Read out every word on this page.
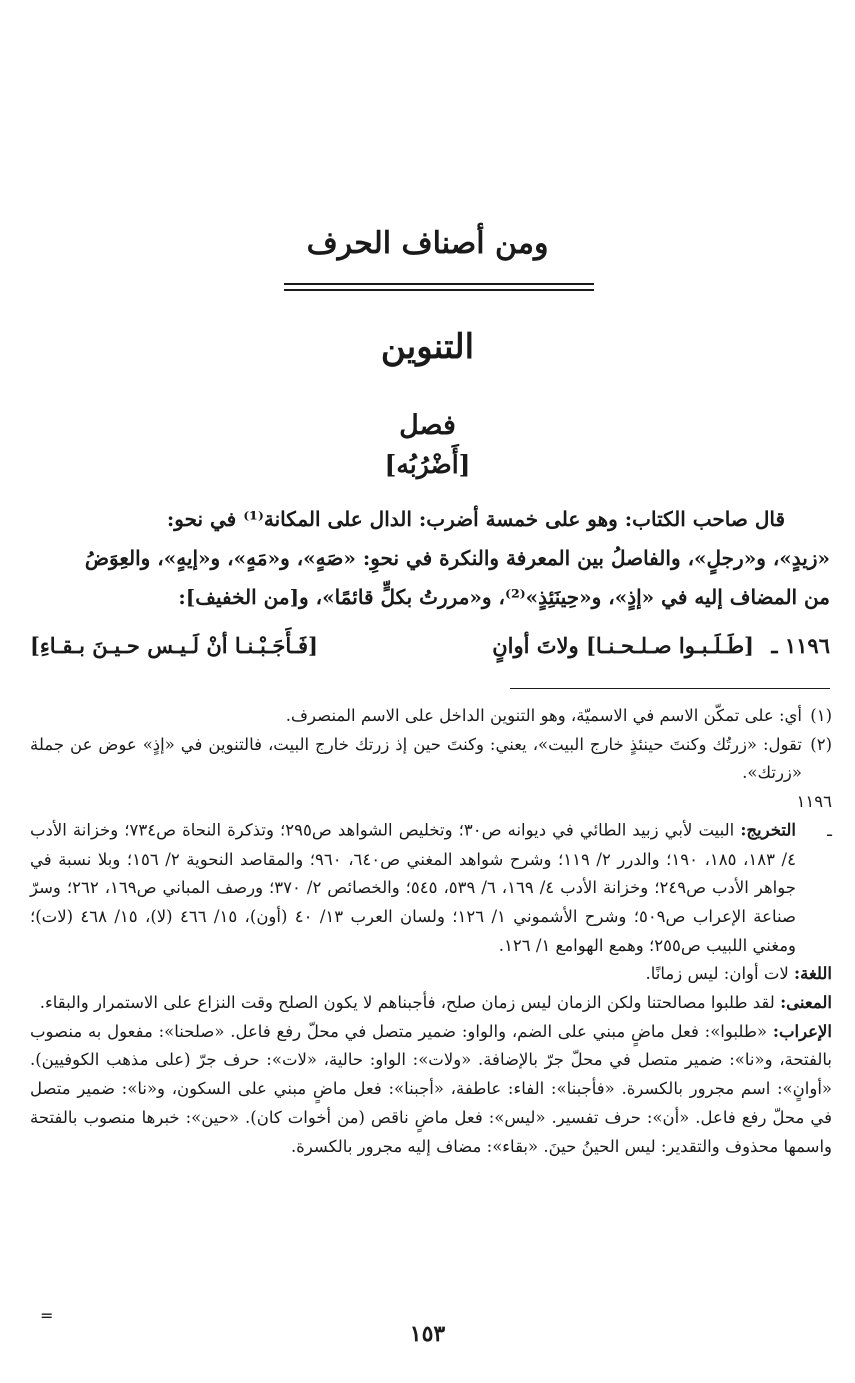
ومن أصناف الحرف
التنوين
فصل
[أَضْرُبُه]

قال صاحب الكتاب: وهو على خمسة أضرب: الدال على المكانة⁽¹⁾ في نحو:

«زيدٍ»، و«رجلٍ»، والفاصلُ بين المعرفة والنكرة في نحوِ: «صَهٍ»، و«مَهٍ»، و«إيهٍ»، والعِوَضُ

من المضاف إليه في «إذٍ»، و«حِينَئِذٍ»⁽²⁾، و«مررتُ بكلٍّ قائمًا»، و[من الخفيف]:

١١٩٦ ـ
[طَـلَـبـوا صـلـحـنـا] ولاتَ أوانٍ
[فَـأَجَـبْـنـا أنْ لَـيـس حـيـنَ بـقـاءِ]

(١)أي: على تمكّن الاسم في الاسميّة، وهو التنوين الداخل على الاسم المنصرف.

(٢)تقول: «زرتُك وكنتَ حينئذٍ خارج البيت»، يعني: وكنتَ حين إذ زرتك خارج البيت، فالتنوين في «إذٍ» عوض عن جملة «زرتك».

١١٩٦ ـالتخريج: البيت لأبي زبيد الطائي في ديوانه ص٣٠؛ وتخليص الشواهد ص٢٩٥؛ وتذكرة النحاة ص٧٣٤؛ وخزانة الأدب ٤/ ١٨٣، ١٨٥، ١٩٠؛ والدرر ٢/ ١١٩؛ وشرح شواهد المغني ص٦٤٠، ٩٦٠؛ والمقاصد النحوية ٢/ ١٥٦؛ وبلا نسبة في جواهر الأدب ص٢٤٩؛ وخزانة الأدب ٤/ ١٦٩، ٦/ ٥٣٩، ٥٤٥؛ والخصائص ٢/ ٣٧٠؛ ورصف المباني ص١٦٩، ٢٦٢؛ وسرّ صناعة الإعراب ص٥٠٩؛ وشرح الأشموني ١/ ١٢٦؛ ولسان العرب ١٣/ ٤٠ (أون)، ١٥/ ٤٦٦ (لا)، ١٥/ ٤٦٨ (لات)؛ ومغني اللبيب ص٢٥٥؛ وهمع الهوامع ١/ ١٢٦.

اللغة: لات أوان: ليس زمانًا.

المعنى: لقد طلبوا مصالحتنا ولكن الزمان ليس زمان صلح، فأجبناهم لا يكون الصلح وقت النزاع على الاستمرار والبقاء.

الإعراب: «طلبوا»: فعل ماضٍ مبني على الضم، والواو: ضمير متصل في محلّ رفع فاعل. «صلحنا»: مفعول به منصوب بالفتحة، و«نا»: ضمير متصل في محلّ جرّ بالإضافة. «ولات»: الواو: حالية، «لات»: حرف جرّ (على مذهب الكوفيين). «أوانٍ»: اسم مجرور بالكسرة. «فأجبنا»: الفاء: عاطفة، «أجبنا»: فعل ماضٍ مبني على السكون، و«نا»: ضمير متصل في محلّ رفع فاعل. «أن»: حرف تفسير. «ليس»: فعل ماضٍ ناقص (من أخوات كان). «حين»: خبرها منصوب بالفتحة واسمها محذوف والتقدير: ليس الحينُ حينَ. «بقاء»: مضاف إليه مجرور بالكسرة.

=
١٥٣
